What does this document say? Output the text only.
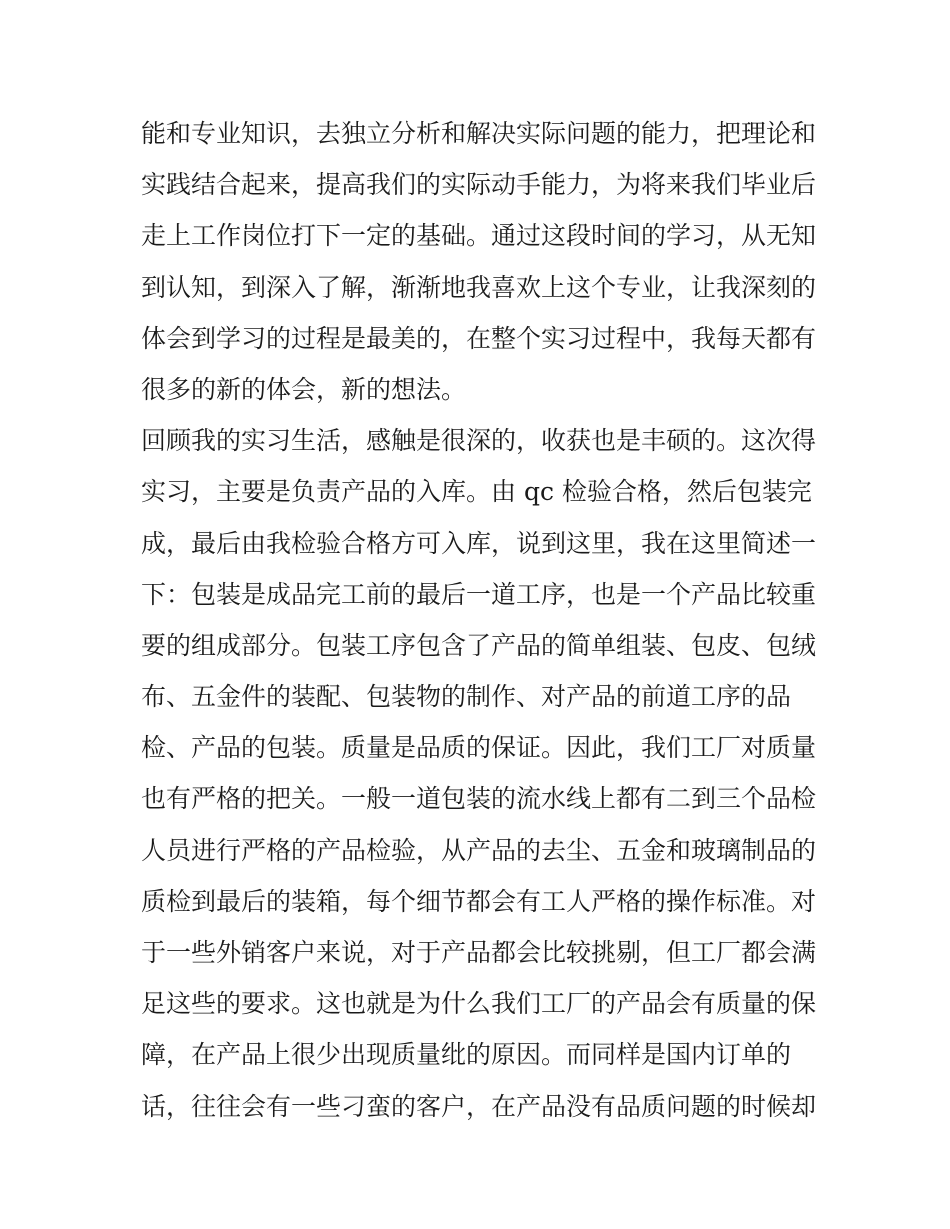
能和专业知识，去独立分析和解决实际问题的能力，把理论和
实践结合起来，提高我们的实际动手能力，为将来我们毕业后
走上工作岗位打下一定的基础。通过这段时间的学习，从无知
到认知，到深入了解，渐渐地我喜欢上这个专业，让我深刻的
体会到学习的过程是最美的，在整个实习过程中，我每天都有
很多的新的体会，新的想法。
回顾我的实习生活，感触是很深的，收获也是丰硕的。这次得
实习，主要是负责产品的入库。由 qc 检验合格，然后包装完
成，最后由我检验合格方可入库，说到这里，我在这里简述一
下：包装是成品完工前的最后一道工序，也是一个产品比较重
要的组成部分。包装工序包含了产品的简单组装、包皮、包绒
布、五金件的装配、包装物的制作、对产品的前道工序的品
检、产品的包装。质量是品质的保证。因此，我们工厂对质量
也有严格的把关。一般一道包装的流水线上都有二到三个品检
人员进行严格的产品检验，从产品的去尘、五金和玻璃制品的
质检到最后的装箱，每个细节都会有工人严格的操作标准。对
于一些外销客户来说，对于产品都会比较挑剔，但工厂都会满
足这些的要求。这也就是为什么我们工厂的产品会有质量的保
障，在产品上很少出现质量纰的原因。而同样是国内订单的
话，往往会有一些刁蛮的客户，在产品没有品质问题的时候却
